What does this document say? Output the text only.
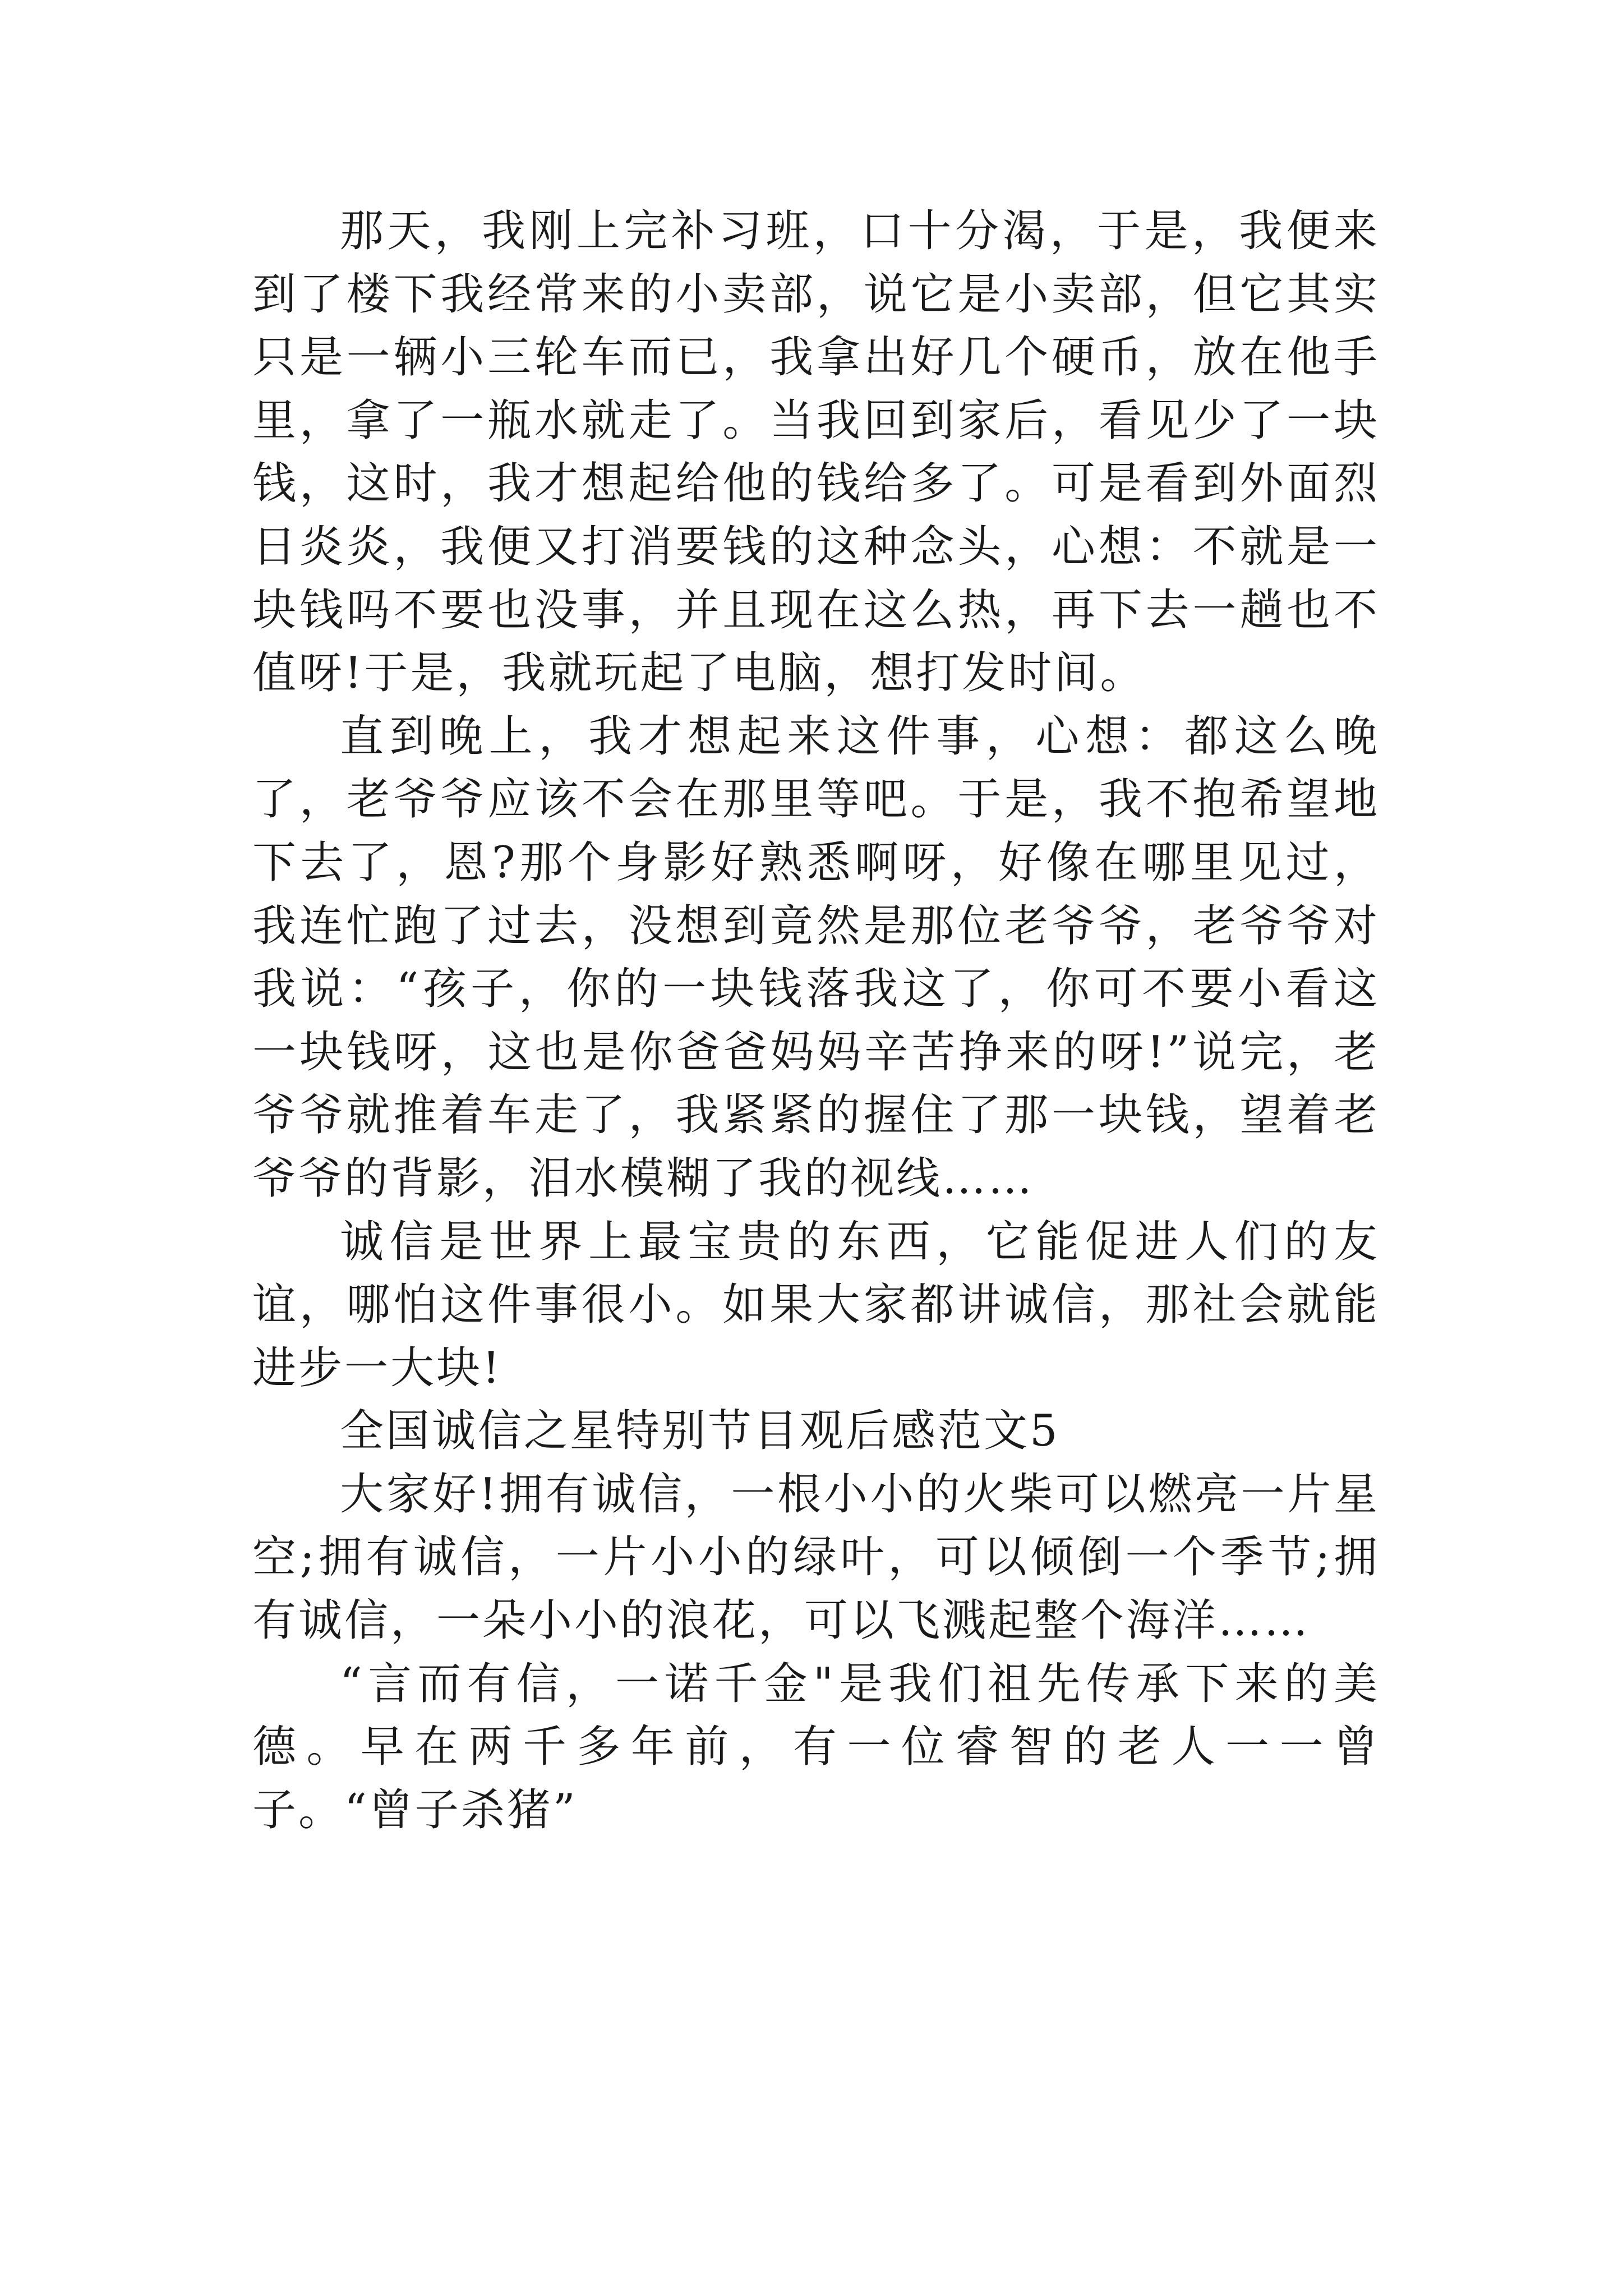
那天，我刚上完补习班，口十分渴，于是，我便来到了楼下我经常来的小卖部，说它是小卖部，但它其实只是一辆小三轮车而已，我拿出好几个硬币，放在他手里，拿了一瓶水就走了。当我回到家后，看见少了一块钱，这时，我才想起给他的钱给多了。可是看到外面烈日炎炎，我便又打消要钱的这种念头，心想：不就是一块钱吗不要也没事，并且现在这么热，再下去一趟也不值呀!于是，我就玩起了电脑，想打发时间。

直到晚上，我才想起来这件事，心想：都这么晚了，老爷爷应该不会在那里等吧。于是，我不抱希望地下去了，恩?那个身影好熟悉啊呀，好像在哪里见过，我连忙跑了过去，没想到竟然是那位老爷爷，老爷爷对我说：“孩子，你的一块钱落我这了，你可不要小看这一块钱呀，这也是你爸爸妈妈辛苦挣来的呀!”说完，老爷爷就推着车走了，我紧紧的握住了那一块钱，望着老爷爷的背影，泪水模糊了我的视线……

诚信是世界上最宝贵的东西，它能促进人们的友谊，哪怕这件事很小。如果大家都讲诚信，那社会就能进步一大块!

全国诚信之星特别节目观后感范文5

大家好!拥有诚信，一根小小的火柴可以燃亮一片星空;拥有诚信，一片小小的绿叶，可以倾倒一个季节;拥有诚信，一朵小小的浪花，可以飞溅起整个海洋……

“言而有信，一诺千金"是我们祖先传承下来的美德。早在两千多年前，有一位睿智的老人一一曾子。“曾子杀猪”
